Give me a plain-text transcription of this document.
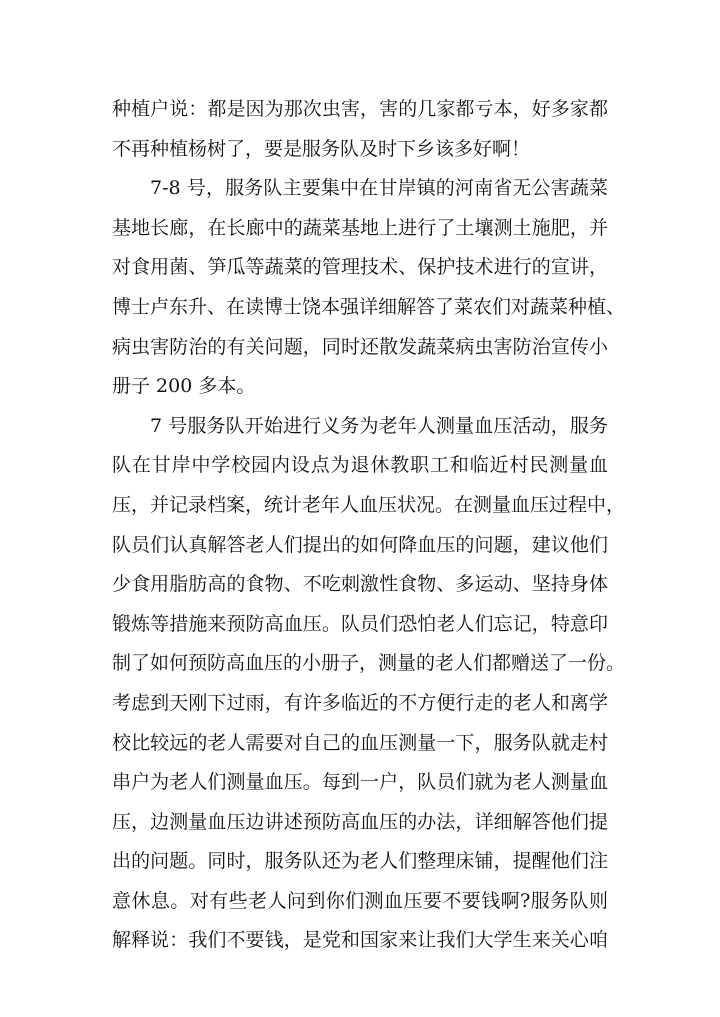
种植户说：都是因为那次虫害，害的几家都亏本，好多家都
不再种植杨树了，要是服务队及时下乡该多好啊！
7-8 号，服务队主要集中在甘岸镇的河南省无公害蔬菜
基地长廊，在长廊中的蔬菜基地上进行了土壤测土施肥，并
对食用菌、笋瓜等蔬菜的管理技术、保护技术进行的宣讲，
博士卢东升、在读博士饶本强详细解答了菜农们对蔬菜种植、
病虫害防治的有关问题，同时还散发蔬菜病虫害防治宣传小
册子 200 多本。
7 号服务队开始进行义务为老年人测量血压活动，服务
队在甘岸中学校园内设点为退休教职工和临近村民测量血
压，并记录档案，统计老年人血压状况。在测量血压过程中，
队员们认真解答老人们提出的如何降血压的问题，建议他们
少食用脂肪高的食物、不吃刺激性食物、多运动、坚持身体
锻炼等措施来预防高血压。队员们恐怕老人们忘记，特意印
制了如何预防高血压的小册子，测量的老人们都赠送了一份。
考虑到天刚下过雨，有许多临近的不方便行走的老人和离学
校比较远的老人需要对自己的血压测量一下，服务队就走村
串户为老人们测量血压。每到一户，队员们就为老人测量血
压，边测量血压边讲述预防高血压的办法，详细解答他们提
出的问题。同时，服务队还为老人们整理床铺，提醒他们注
意休息。对有些老人问到你们测血压要不要钱啊?服务队则
解释说：我们不要钱，是党和国家来让我们大学生来关心咱
